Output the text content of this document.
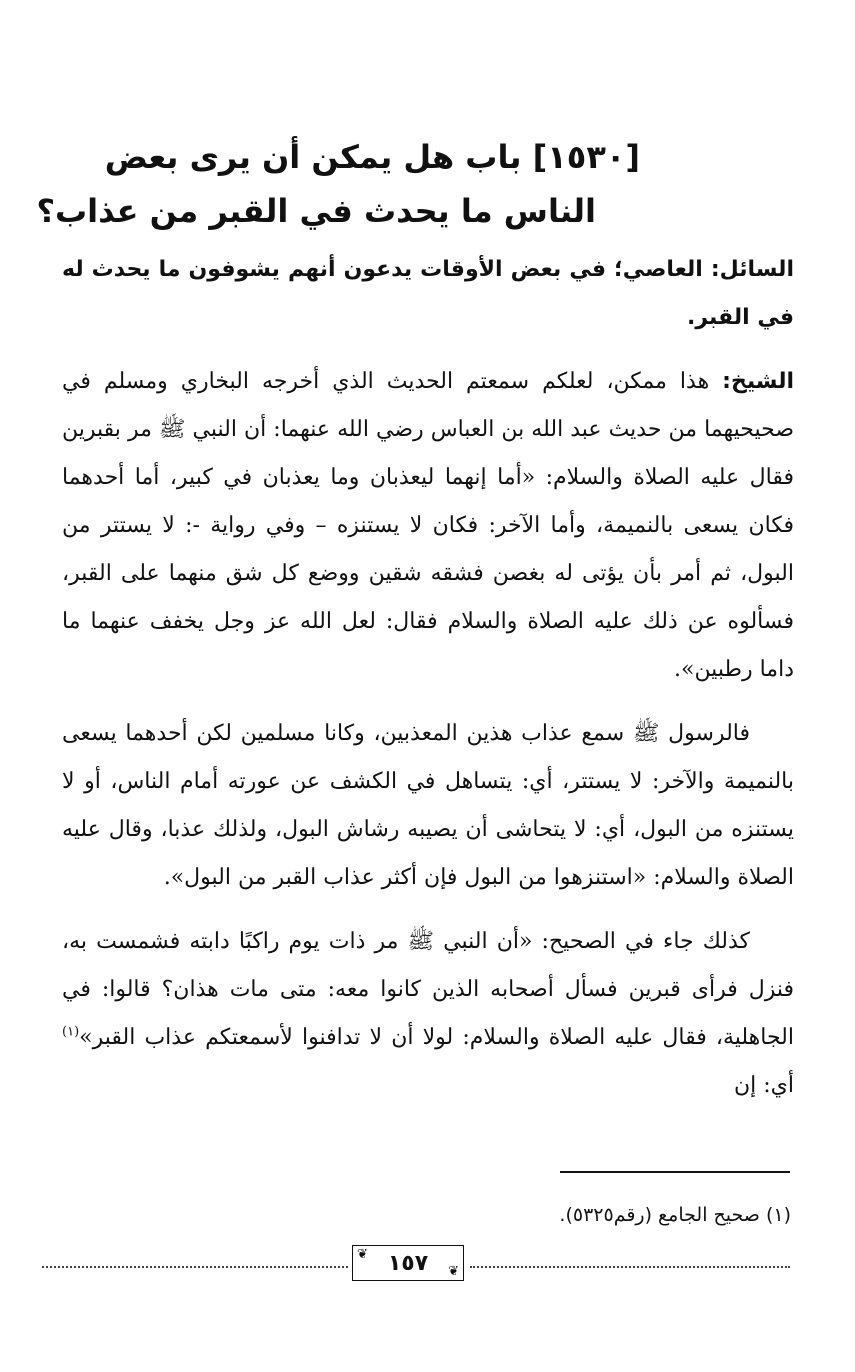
[١٥٣٠] باب هل يمكن أن يرى بعض
الناس ما يحدث في القبر من عذاب؟

السائل: العاصي؛ في بعض الأوقات يدعون أنهم يشوفون ما يحدث له في القبر.

الشيخ: هذا ممكن، لعلكم سمعتم الحديث الذي أخرجه البخاري ومسلم في صحيحيهما من حديث عبد الله بن العباس رضي الله عنهما: أن النبي ﷺ مر بقبرين فقال عليه الصلاة والسلام: «أما إنهما ليعذبان وما يعذبان في كبير، أما أحدهما فكان يسعى بالنميمة، وأما الآخر: فكان لا يستنزه – وفي رواية -: لا يستتر من البول، ثم أمر بأن يؤتى له بغصن فشقه شقين ووضع كل شق منهما على القبر، فسألوه عن ذلك عليه الصلاة والسلام فقال: لعل الله عز وجل يخفف عنهما ما داما رطبين».

فالرسول ﷺ سمع عذاب هذين المعذبين، وكانا مسلمين لكن أحدهما يسعى بالنميمة والآخر: لا يستتر، أي: يتساهل في الكشف عن عورته أمام الناس، أو لا يستنزه من البول، أي: لا يتحاشى أن يصيبه رشاش البول، ولذلك عذبا، وقال عليه الصلاة والسلام: «استنزهوا من البول فإن أكثر عذاب القبر من البول».

كذلك جاء في الصحيح: «أن النبي ﷺ مر ذات يوم راكبًا دابته فشمست به، فنزل فرأى قبرين فسأل أصحابه الذين كانوا معه: متى مات هذان؟ قالوا: في الجاهلية، فقال عليه الصلاة والسلام: لولا أن لا تدافنوا لأسمعتكم عذاب القبر»$^{(١)}$ أي: إن

(١) صحيح الجامع (رقم٥٣٢٥).
❦ ١٥٧ ❦
